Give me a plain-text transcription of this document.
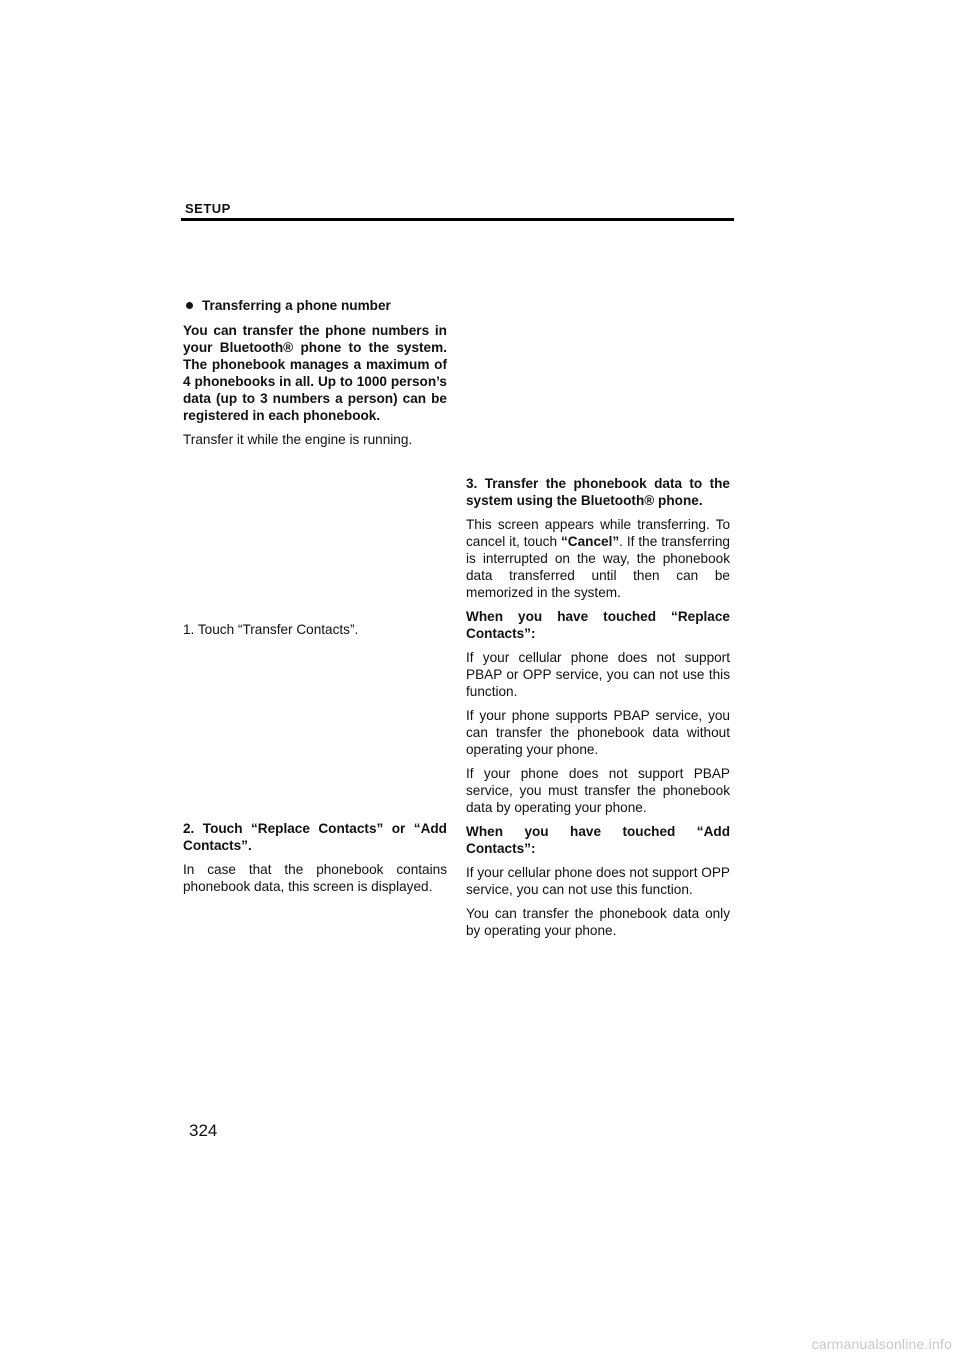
SETUP
Transferring a phone number

You can transfer the phone numbers in your Bluetooth® phone to the system. The phonebook manages a maximum of 4 phonebooks in all. Up to 1000 person’s data (up to 3 numbers a person) can be registered in each phonebook.

Transfer it while the engine is running.

1. Touch “Transfer Contacts”.

2. Touch “Replace Contacts” or “Add Contacts”.

In case that the phonebook contains phonebook data, this screen is displayed.

3. Transfer the phonebook data to the system using the Bluetooth® phone.

This screen appears while transferring. To cancel it, touch “Cancel”. If the transferring is interrupted on the way, the phonebook data transferred until then can be memorized in the system.

When you have touched “Replace Contacts”:

If your cellular phone does not support PBAP or OPP service, you can not use this function.

If your phone supports PBAP service, you can transfer the phonebook data without operating your phone.

If your phone does not support PBAP service, you must transfer the phonebook data by operating your phone.

When you have touched “Add Contacts”:

If your cellular phone does not support OPP service, you can not use this function.

You can transfer the phonebook data only by operating your phone.

324
carmanualsonline.info
